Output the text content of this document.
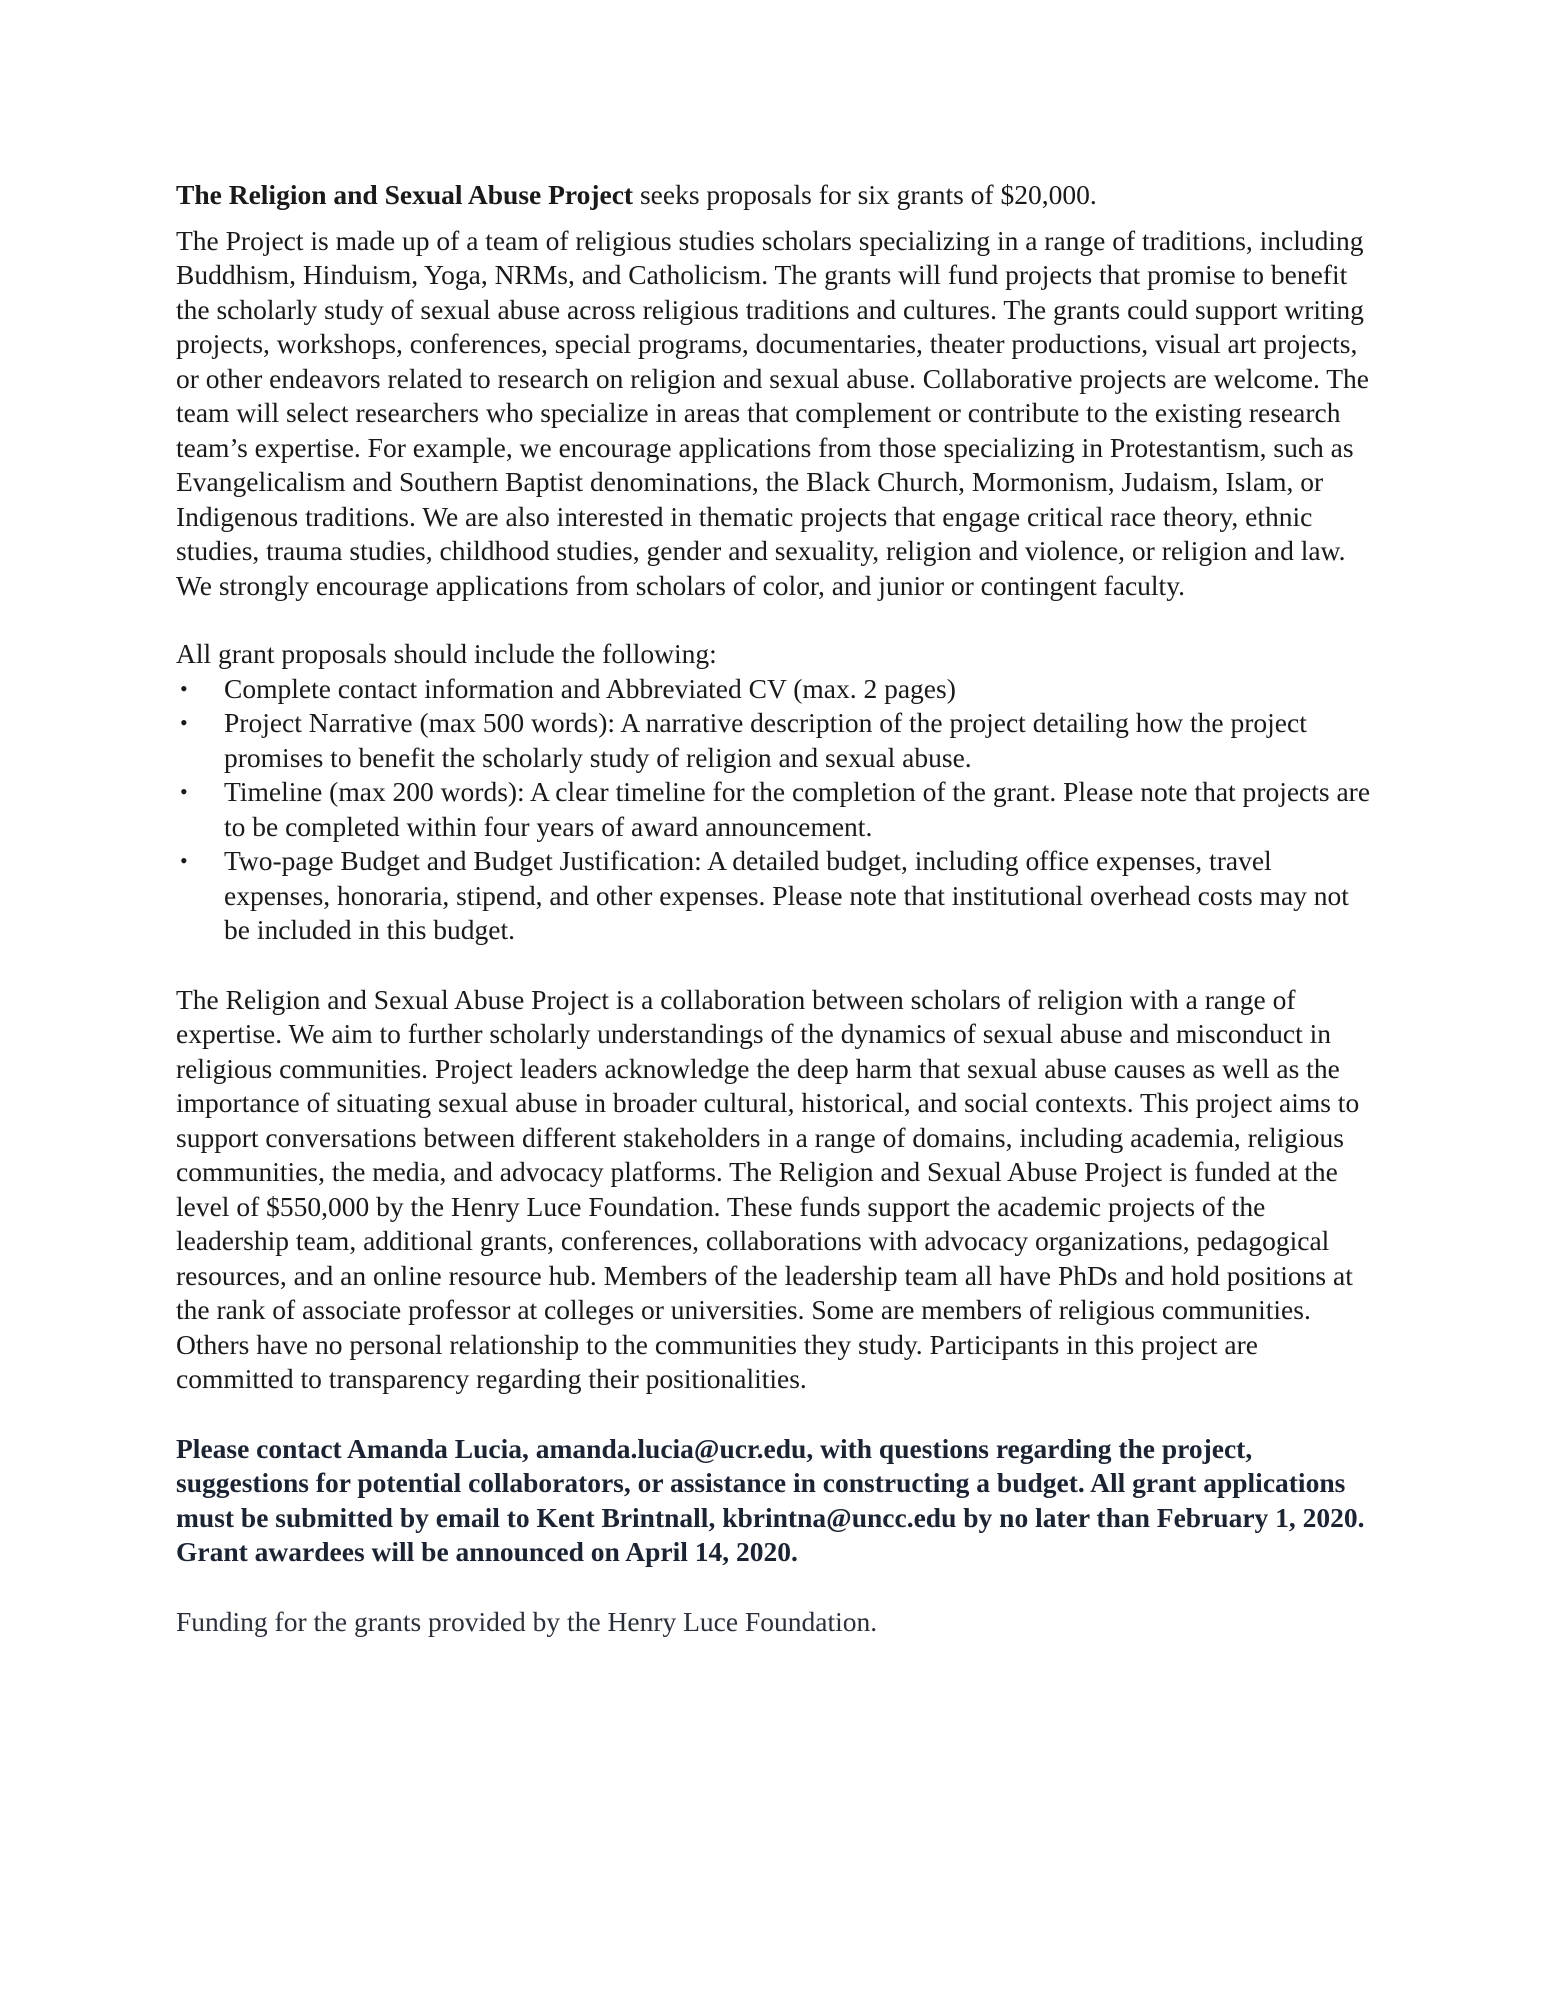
The Religion and Sexual Abuse Project seeks proposals for six grants of $20,000.

The Project is made up of a team of religious studies scholars specializing in a range of traditions, including Buddhism, Hinduism, Yoga, NRMs, and Catholicism. The grants will fund projects that promise to benefit the scholarly study of sexual abuse across religious traditions and cultures. The grants could support writing projects, workshops, conferences, special programs, documentaries, theater productions, visual art projects, or other endeavors related to research on religion and sexual abuse. Collaborative projects are welcome. The team will select researchers who specialize in areas that complement or contribute to the existing research team’s expertise. For example, we encourage applications from those specializing in Protestantism, such as Evangelicalism and Southern Baptist denominations, the Black Church, Mormonism, Judaism, Islam, or Indigenous traditions. We are also interested in thematic projects that engage critical race theory, ethnic studies, trauma studies, childhood studies, gender and sexuality, religion and violence, or religion and law. We strongly encourage applications from scholars of color, and junior or contingent faculty.

All grant proposals should include the following:

• Complete contact information and Abbreviated CV (max. 2 pages)
• Project Narrative (max 500 words): A narrative description of the project detailing how the project promises to benefit the scholarly study of religion and sexual abuse.
• Timeline (max 200 words): A clear timeline for the completion of the grant. Please note that projects are to be completed within four years of award announcement.
• Two-page Budget and Budget Justification: A detailed budget, including office expenses, travel expenses, honoraria, stipend, and other expenses. Please note that institutional overhead costs may not be included in this budget.

The Religion and Sexual Abuse Project is a collaboration between scholars of religion with a range of expertise. We aim to further scholarly understandings of the dynamics of sexual abuse and misconduct in religious communities. Project leaders acknowledge the deep harm that sexual abuse causes as well as the importance of situating sexual abuse in broader cultural, historical, and social contexts. This project aims to support conversations between different stakeholders in a range of domains, including academia, religious communities, the media, and advocacy platforms. The Religion and Sexual Abuse Project is funded at the level of $550,000 by the Henry Luce Foundation. These funds support the academic projects of the leadership team, additional grants, conferences, collaborations with advocacy organizations, pedagogical resources, and an online resource hub. Members of the leadership team all have PhDs and hold positions at the rank of associate professor at colleges or universities. Some are members of religious communities. Others have no personal relationship to the communities they study. Participants in this project are committed to transparency regarding their positionalities.

Please contact Amanda Lucia, amanda.lucia@ucr.edu, with questions regarding the project, suggestions for potential collaborators, or assistance in constructing a budget. All grant applications must be submitted by email to Kent Brintnall, kbrintna@uncc.edu by no later than February 1, 2020. Grant awardees will be announced on April 14, 2020.

Funding for the grants provided by the Henry Luce Foundation.
